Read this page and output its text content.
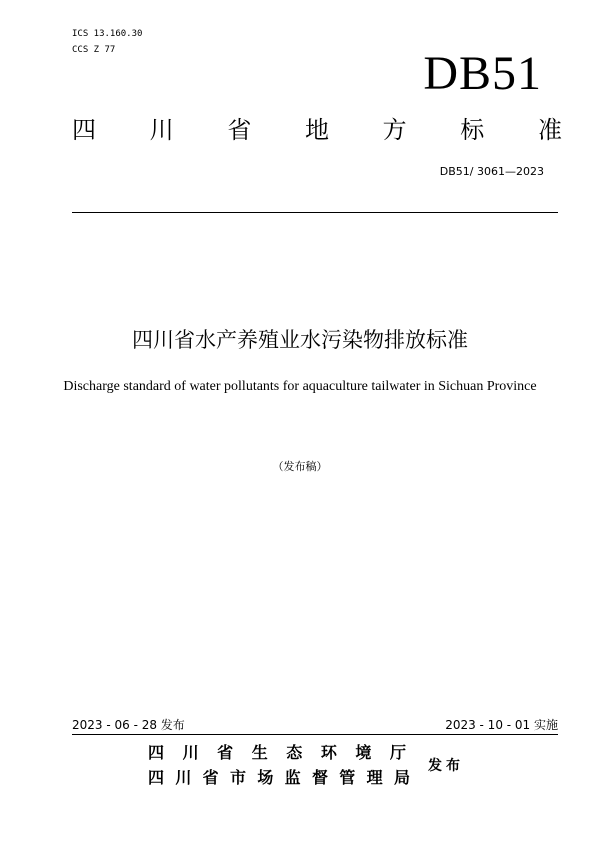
ICS 13.160.30
CCS Z 77	DB51
四 川 省 地 方 标 准
DB51/ 3061—2023
四川省水产养殖业水污染物排放标准
Discharge standard of water pollutants for aquaculture tailwater in Sichuan Province
（发布稿）
2023 - 06 - 28 发布	2023 - 10 - 01 实施
四 川 省 生 态 环 境 厅
四 川 省 市 场 监 督 管 理 局
发布
